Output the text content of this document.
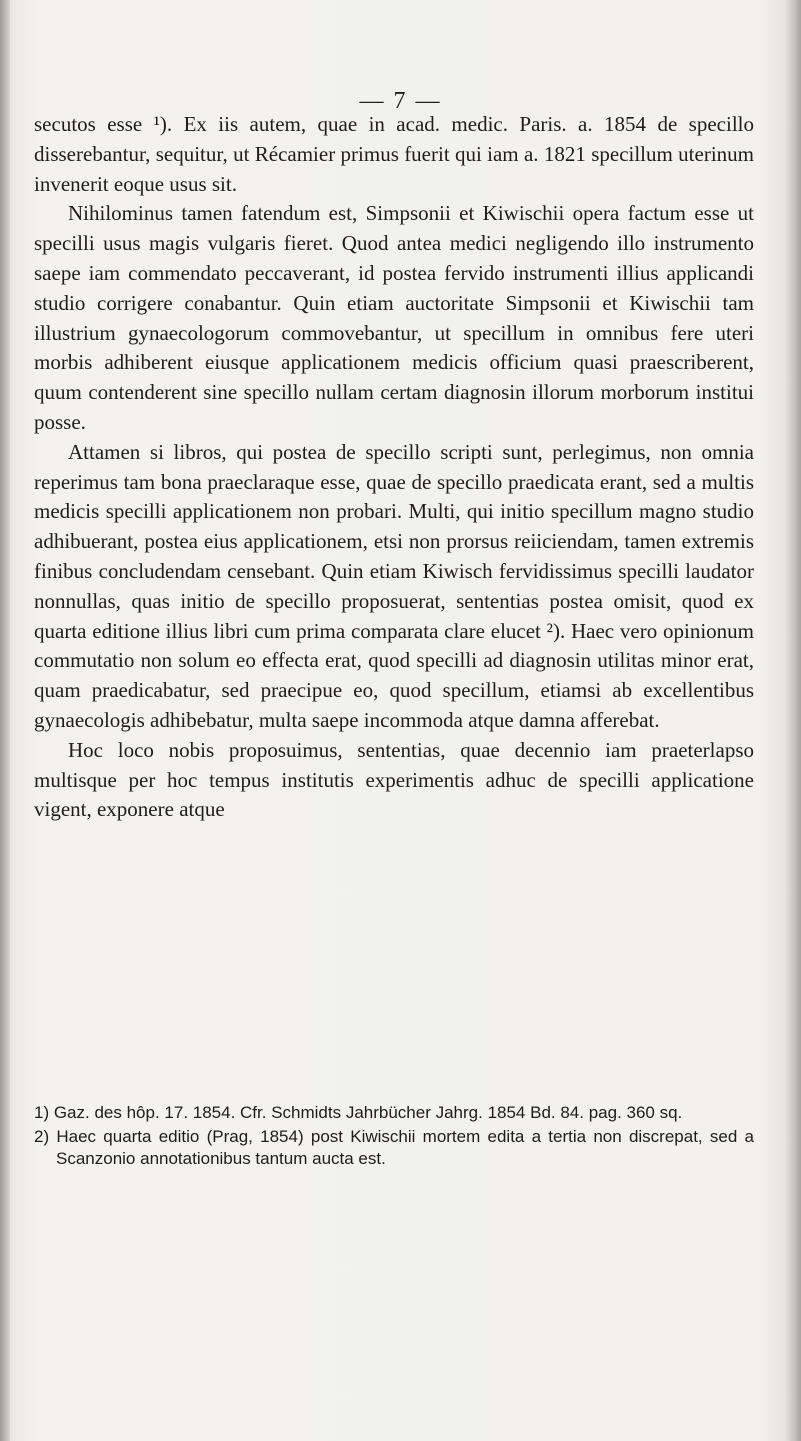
— 7 —

secutos esse ¹). Ex iis autem, quae in acad. medic. Paris. a. 1854 de specillo disserebantur, sequitur, ut Récamier primus fuerit qui iam a. 1821 specillum uterinum invenerit eoque usus sit.

Nihilominus tamen fatendum est, Simpsonii et Kiwischii opera factum esse ut specilli usus magis vulgaris fieret. Quod antea medici negligendo illo instrumento saepe iam commendato peccaverant, id postea fervido instrumenti illius applicandi studio corrigere conabantur. Quin etiam auctoritate Simpsonii et Kiwischii tam illustrium gynaecologorum commovebantur, ut specillum in omnibus fere uteri morbis adhiberent eiusque applicationem medicis officium quasi praescriberent, quum contenderent sine specillo nullam certam diagnosin illorum morborum institui posse.

Attamen si libros, qui postea de specillo scripti sunt, perlegimus, non omnia reperimus tam bona praeclaraque esse, quae de specillo praedicata erant, sed a multis medicis specilli applicationem non probari. Multi, qui initio specillum magno studio adhibuerant, postea eius applicationem, etsi non prorsus reiiciendam, tamen extremis finibus concludendam censebant. Quin etiam Kiwisch fervidissimus specilli laudator nonnullas, quas initio de specillo proposuerat, sententias postea omisit, quod ex quarta editione illius libri cum prima comparata clare elucet ²). Haec vero opinionum commutatio non solum eo effecta erat, quod specilli ad diagnosin utilitas minor erat, quam praedicabatur, sed praecipue eo, quod specillum, etiamsi ab excellentibus gynaecologis adhibebatur, multa saepe incommoda atque damna afferebat.

Hoc loco nobis proposuimus, sententias, quae decennio iam praeterlapso multisque per hoc tempus institutis experimentis adhuc de specilli applicatione vigent, exponere atque

1) Gaz. des hôp. 17. 1854. Cfr. Schmidts Jahrbücher Jahrg. 1854 Bd. 84. pag. 360 sq.

2) Haec quarta editio (Prag, 1854) post Kiwischii mortem edita a tertia non discrepat, sed a Scanzonio annotationibus tantum aucta est.
